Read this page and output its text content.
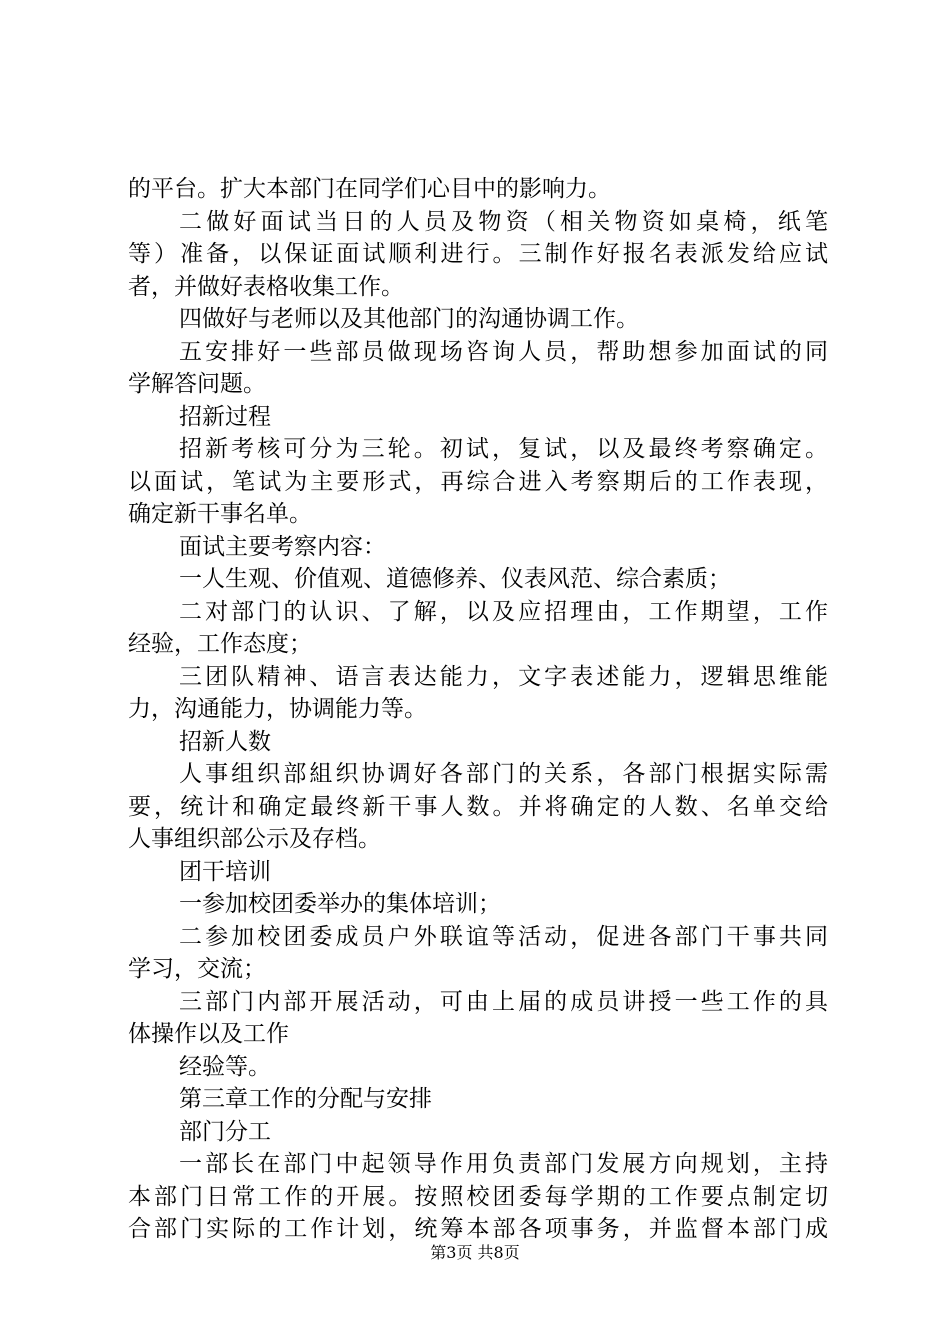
的平台。扩大本部门在同学们心目中的影响力。
二做好面试当日的人员及物资（相关物资如桌椅，纸笔
等）准备，以保证面试顺利进行。三制作好报名表派发给应试
者，并做好表格收集工作。
四做好与老师以及其他部门的沟通协调工作。
五安排好一些部员做现场咨询人员，帮助想参加面试的同
学解答问题。
招新过程
招新考核可分为三轮。初试，复试，以及最终考察确定。
以面试，笔试为主要形式，再综合进入考察期后的工作表现，
确定新干事名单。
面试主要考察内容：
一人生观、价值观、道德修养、仪表风范、综合素质；
二对部门的认识、了解，以及应招理由，工作期望，工作
经验，工作态度；
三团队精神、语言表达能力，文字表述能力，逻辑思维能
力，沟通能力，协调能力等。
招新人数
人事组织部組织协调好各部门的关系，各部门根据实际需
要，统计和确定最终新干事人数。并将确定的人数、名单交给
人事组织部公示及存档。
团干培训
一参加校团委举办的集体培训；
二参加校团委成员户外联谊等活动，促进各部门干事共同
学习，交流；
三部门内部开展活动，可由上届的成员讲授一些工作的具
体操作以及工作
经验等。
第三章工作的分配与安排
部门分工
一部长在部门中起领导作用负责部门发展方向规划，主持
本部门日常工作的开展。按照校团委每学期的工作要点制定切
合部门实际的工作计划，统筹本部各项事务，并监督本部门成
第3页 共8页
